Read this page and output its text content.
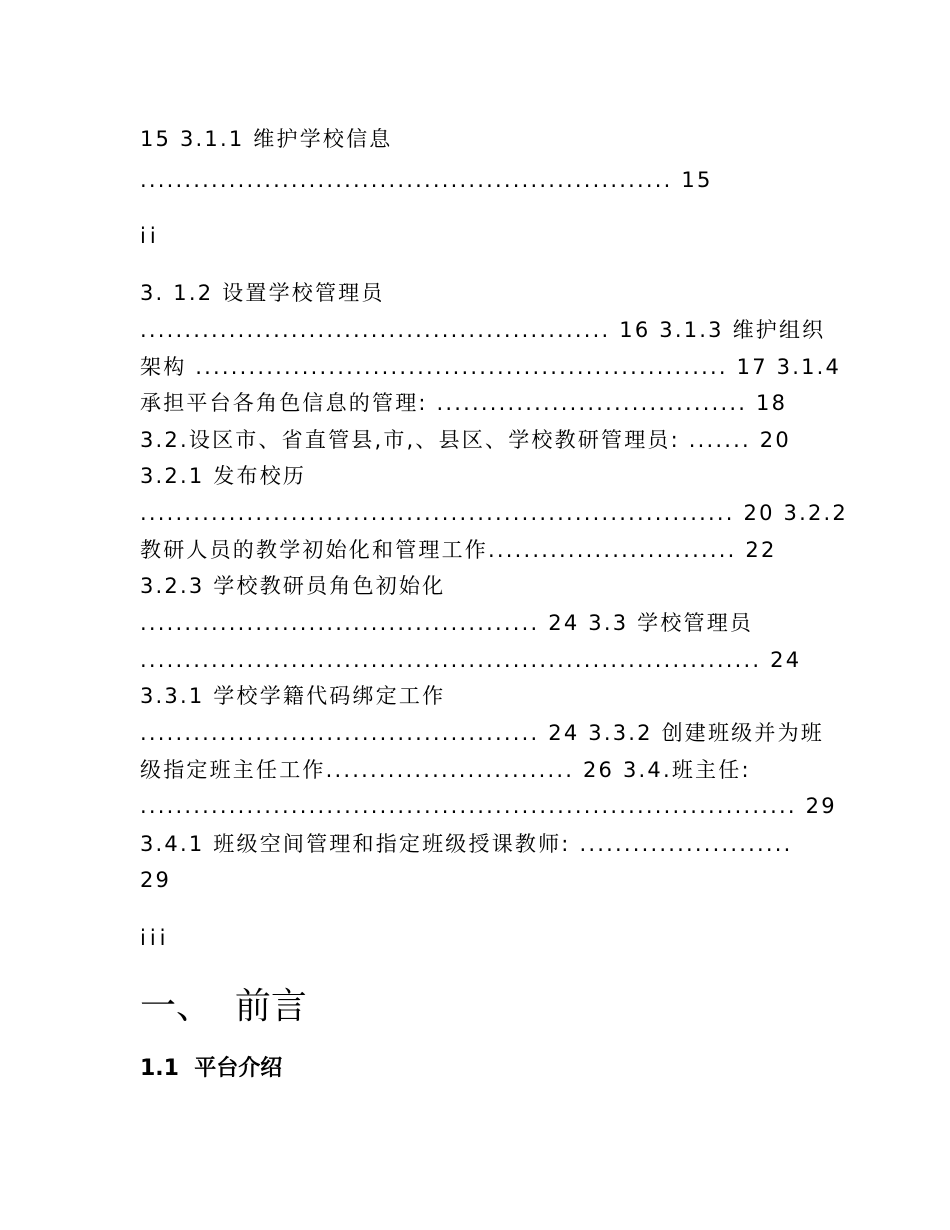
15 3.1.1 维护学校信息
............................................................ 15
ii
3. 1.2 设置学校管理员
..................................................... 16 3.1.3 维护组织
架构 ............................................................ 17 3.1.4
承担平台各角色信息的管理: ................................... 18
3.2.设区市、省直管县,市,、县区、学校教研管理员: ....... 20
3.2.1 发布校历
................................................................... 20 3.2.2
教研人员的教学初始化和管理工作............................ 22
3.2.3 学校教研员角色初始化
............................................. 24 3.3 学校管理员
...................................................................... 24
3.3.1 学校学籍代码绑定工作
............................................. 24 3.3.2 创建班级并为班
级指定班主任工作............................ 26 3.4.班主任:
.......................................................................... 29
3.4.1 班级空间管理和指定班级授课教师: ........................
29
iii
一、  前言
1.1  平台介绍
